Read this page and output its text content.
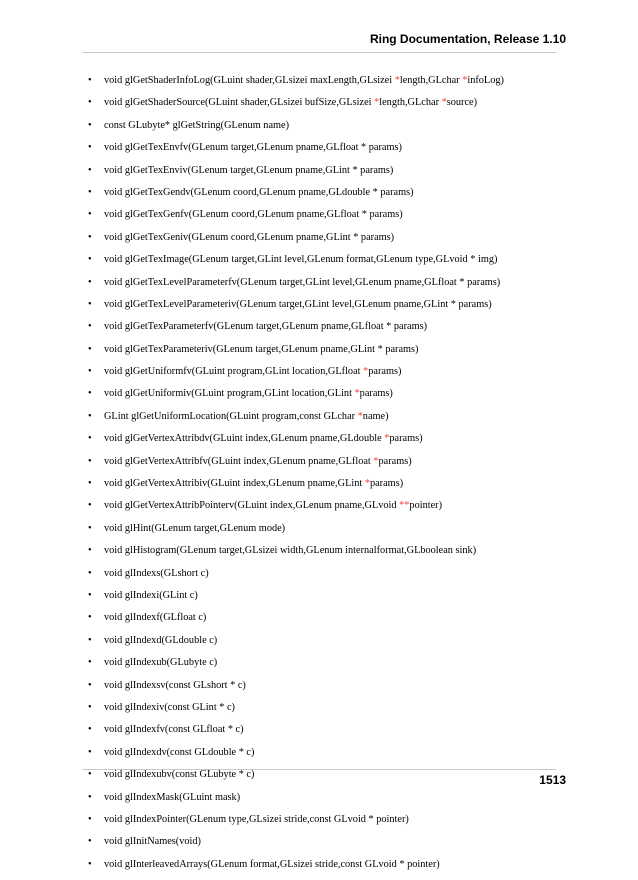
Ring Documentation, Release 1.10
• void glGetShaderInfoLog(GLuint shader,GLsizei maxLength,GLsizei *length,GLchar *infoLog)
• void glGetShaderSource(GLuint shader,GLsizei bufSize,GLsizei *length,GLchar *source)
• const GLubyte* glGetString(GLenum name)
• void glGetTexEnvfv(GLenum target,GLenum pname,GLfloat * params)
• void glGetTexEnviv(GLenum target,GLenum pname,GLint * params)
• void glGetTexGendv(GLenum coord,GLenum pname,GLdouble * params)
• void glGetTexGenfv(GLenum coord,GLenum pname,GLfloat * params)
• void glGetTexGeniv(GLenum coord,GLenum pname,GLint * params)
• void glGetTexImage(GLenum target,GLint level,GLenum format,GLenum type,GLvoid * img)
• void glGetTexLevelParameterfv(GLenum target,GLint level,GLenum pname,GLfloat * params)
• void glGetTexLevelParameteriv(GLenum target,GLint level,GLenum pname,GLint * params)
• void glGetTexParameterfv(GLenum target,GLenum pname,GLfloat * params)
• void glGetTexParameteriv(GLenum target,GLenum pname,GLint * params)
• void glGetUniformfv(GLuint program,GLint location,GLfloat *params)
• void glGetUniformiv(GLuint program,GLint location,GLint *params)
• GLint glGetUniformLocation(GLuint program,const GLchar *name)
• void glGetVertexAttribdv(GLuint index,GLenum pname,GLdouble *params)
• void glGetVertexAttribfv(GLuint index,GLenum pname,GLfloat *params)
• void glGetVertexAttribiv(GLuint index,GLenum pname,GLint *params)
• void glGetVertexAttribPointerv(GLuint index,GLenum pname,GLvoid **pointer)
• void glHint(GLenum target,GLenum mode)
• void glHistogram(GLenum target,GLsizei width,GLenum internalformat,GLboolean sink)
• void glIndexs(GLshort c)
• void glIndexi(GLint c)
• void glIndexf(GLfloat c)
• void glIndexd(GLdouble c)
• void glIndexub(GLubyte c)
• void glIndexsv(const GLshort * c)
• void glIndexiv(const GLint * c)
• void glIndexfv(const GLfloat * c)
• void glIndexdv(const GLdouble * c)
• void glIndexubv(const GLubyte * c)
• void glIndexMask(GLuint mask)
• void glIndexPointer(GLenum type,GLsizei stride,const GLvoid * pointer)
• void glInitNames(void)
• void glInterleavedArrays(GLenum format,GLsizei stride,const GLvoid * pointer)
1513
